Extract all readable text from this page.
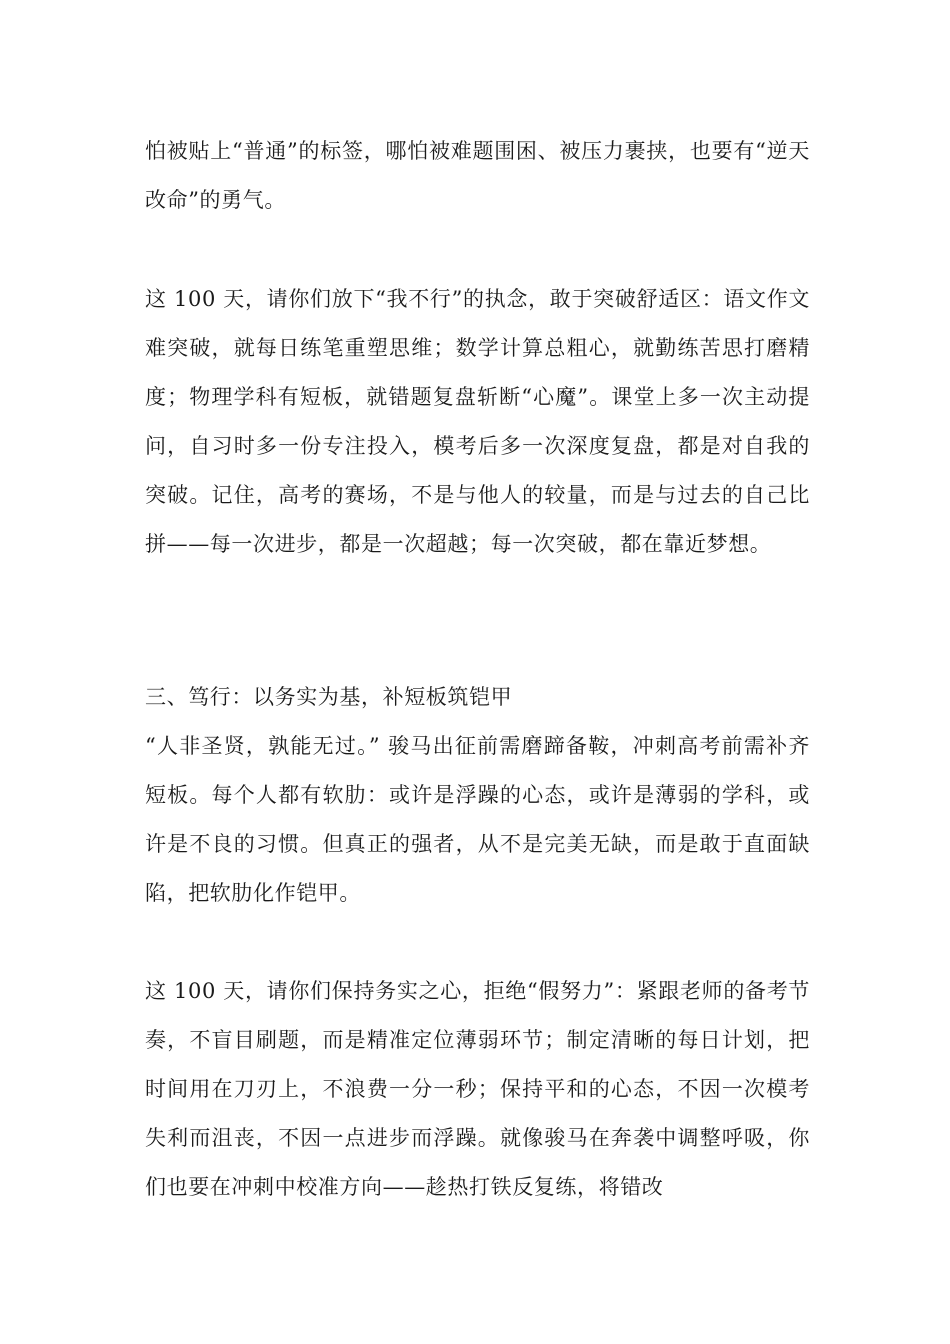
怕被贴上“普通”的标签，哪怕被难题围困、被压力裹挟，也要有“逆天改命”的勇气。

这 100 天，请你们放下“我不行”的执念，敢于突破舒适区：语文作文难突破，就每日练笔重塑思维；数学计算总粗心，就勤练苦思打磨精度；物理学科有短板，就错题复盘斩断“心魔”。课堂上多一次主动提问，自习时多一份专注投入，模考后多一次深度复盘，都是对自我的突破。记住，高考的赛场，不是与他人的较量，而是与过去的自己比拼——每一次进步，都是一次超越；每一次突破，都在靠近梦想。

三、笃行：以务实为基，补短板筑铠甲

“人非圣贤，孰能无过。” 骏马出征前需磨蹄备鞍，冲刺高考前需补齐短板。每个人都有软肋：或许是浮躁的心态，或许是薄弱的学科，或许是不良的习惯。但真正的强者，从不是完美无缺，而是敢于直面缺陷，把软肋化作铠甲。

这 100 天，请你们保持务实之心，拒绝“假努力”：紧跟老师的备考节奏，不盲目刷题，而是精准定位薄弱环节；制定清晰的每日计划，把时间用在刀刃上，不浪费一分一秒；保持平和的心态，不因一次模考失利而沮丧，不因一点进步而浮躁。就像骏马在奔袭中调整呼吸，你们也要在冲刺中校准方向——趁热打铁反复练，将错改
